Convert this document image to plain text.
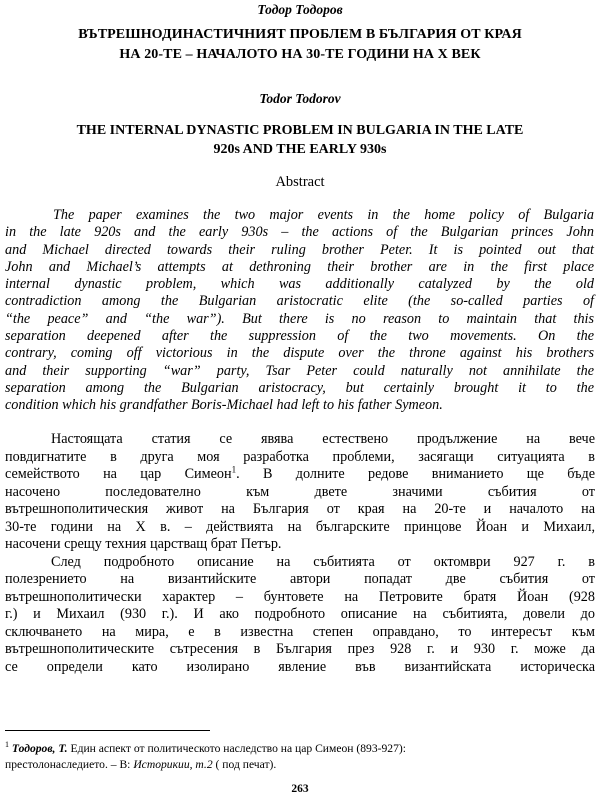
Тодор Тодоров
ВЪТРЕШНОДИНАСТИЧНИЯТ ПРОБЛЕМ В БЪЛГАРИЯ ОТ КРАЯ
НА 20-ТЕ – НАЧАЛОТО НА 30-ТЕ ГОДИНИ НА Х ВЕК
Todor Todorov
THE INTERNAL DYNASTIC PROBLEM IN BULGARIA IN THE LATE
920s AND THE EARLY 930s
Abstract
The paper examines the two major events in the home policy of Bulgaria
in the late 920s and the early 930s – the actions of the Bulgarian princes John
and Michael directed towards their ruling brother Peter. It is pointed out that
John and Michael’s attempts at dethroning their brother are in the first place
internal dynastic problem, which was additionally catalyzed by the old
contradiction among the Bulgarian aristocratic elite (the so-called parties of
“the peace” and “the war”). But there is no reason to maintain that this
separation deepened after the suppression of the two movements. On the
contrary, coming off victorious in the dispute over the throne against his brothers
and their supporting “war” party, Tsar Peter could naturally not annihilate the
separation among the Bulgarian aristocracy, but certainly brought it to the
condition which his grandfather Boris-Michael had left to his father Symeon.
Настоящата статия се явява естествено продължение на вече
повдигнатите в друга моя разработка проблеми, засягащи ситуацията в
семейството на цар Симеон$^1$. В долните редове вниманието ще бъде
насочено последователно към двете значими събития от
вътрешнополитическия живот на България от края на 20-те и началото на
30-те години на Х в. – действията на българските принцове Йоан и Михаил,
насочени срещу техния царстващ брат Петър.
След подробното описание на събитията от октомври 927 г. в
полезрението на византийските автори попадат две събития от
вътрешнополитически характер – бунтовете на Петровите братя Йоан (928
г.) и Михаил (930 г.). И ако подробното описание на събитията, довели до
сключването на мира, е в известна степен оправдано, то интересът към
вътрешнополитическите сътресения в България през 928 г. и 930 г. може да
се определи като изолирано явление във византийската историческа
$^1$ Тодоров, Т. Един аспект от политическото наследство на цар Симеон (893-927):
престолонаследието. – В: Историкии, т.2 ( под печат).
263
